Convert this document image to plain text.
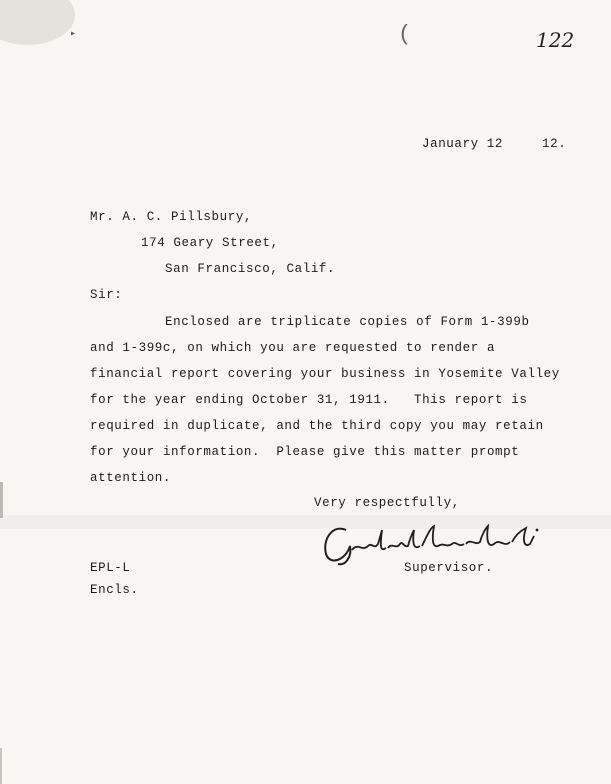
▸	(	122
January 12	12.
Mr. A. C. Pillsbury,
174 Geary Street,
San Francisco, Calif.
Sir:
Enclosed are triplicate copies of Form 1-399b
and 1-399c, on which you are requested to render a
financial report covering your business in Yosemite Valley
for the year ending October 31, 1911.   This report is
required in duplicate, and the third copy you may retain
for your information.  Please give this matter prompt
attention.
Very respectfully,
EPL-L	Supervisor.
Encls.
